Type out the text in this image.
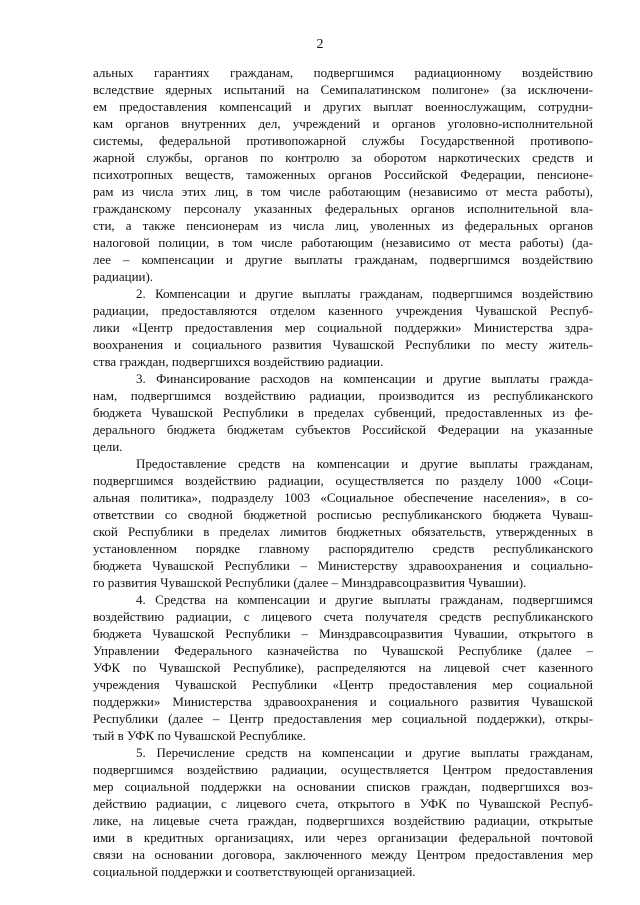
2
альных гарантиях гражданам, подвергшимся радиационному воздействию
вследствие ядерных испытаний на Семипалатинском полигоне» (за исключени-
ем предоставления компенсаций и других выплат военнослужащим, сотрудни-
кам органов внутренних дел, учреждений и органов уголовно-исполнительной
системы, федеральной противопожарной службы Государственной противопо-
жарной службы, органов по контролю за оборотом наркотических средств и
психотропных веществ, таможенных органов Российской Федерации, пенсионе-
рам из числа этих лиц, в том числе работающим (независимо от места работы),
гражданскому персоналу указанных федеральных органов исполнительной вла-
сти, а также пенсионерам из числа лиц, уволенных из федеральных органов
налоговой полиции, в том числе работающим (независимо от места работы) (да-
лее – компенсации и другие выплаты гражданам, подвергшимся воздействию
радиации).
2. Компенсации и другие выплаты гражданам, подвергшимся воздействию
радиации, предоставляются отделом казенного учреждения Чувашской Респуб-
лики «Центр предоставления мер социальной поддержки» Министерства здра-
воохранения и социального развития Чувашской Республики по месту житель-
ства граждан, подвергшихся воздействию радиации.
3. Финансирование расходов на компенсации и другие выплаты гражда-
нам, подвергшимся воздействию радиации, производится из республиканского
бюджета Чувашской Республики в пределах субвенций, предоставленных из фе-
дерального бюджета бюджетам субъектов Российской Федерации на указанные
цели.
Предоставление средств на компенсации и другие выплаты гражданам,
подвергшимся воздействию радиации, осуществляется по разделу 1000 «Соци-
альная политика», подразделу 1003 «Социальное обеспечение населения», в со-
ответствии со сводной бюджетной росписью республиканского бюджета Чуваш-
ской Республики в пределах лимитов бюджетных обязательств, утвержденных в
установленном порядке главному распорядителю средств республиканского
бюджета Чувашской Республики – Министерству здравоохранения и социально-
го развития Чувашской Республики (далее – Минздравсоцразвития Чувашии).
4. Средства на компенсации и другие выплаты гражданам, подвергшимся
воздействию радиации, с лицевого счета получателя средств республиканского
бюджета Чувашской Республики – Минздравсоцразвития Чувашии, открытого в
Управлении Федерального казначейства по Чувашской Республике (далее –
УФК по Чувашской Республике), распределяются на лицевой счет казенного
учреждения Чувашской Республики «Центр предоставления мер социальной
поддержки» Министерства здравоохранения и социального развития Чувашской
Республики (далее – Центр предоставления мер социальной поддержки), откры-
тый в УФК по Чувашской Республике.
5. Перечисление средств на компенсации и другие выплаты гражданам,
подвергшимся воздействию радиации, осуществляется Центром предоставления
мер социальной поддержки на основании списков граждан, подвергшихся воз-
действию радиации, с лицевого счета, открытого в УФК по Чувашской Респуб-
лике, на лицевые счета граждан, подвергшихся воздействию радиации, открытые
ими в кредитных организациях, или через организации федеральной почтовой
связи на основании договора, заключенного между Центром предоставления мер
социальной поддержки и соответствующей организацией.
